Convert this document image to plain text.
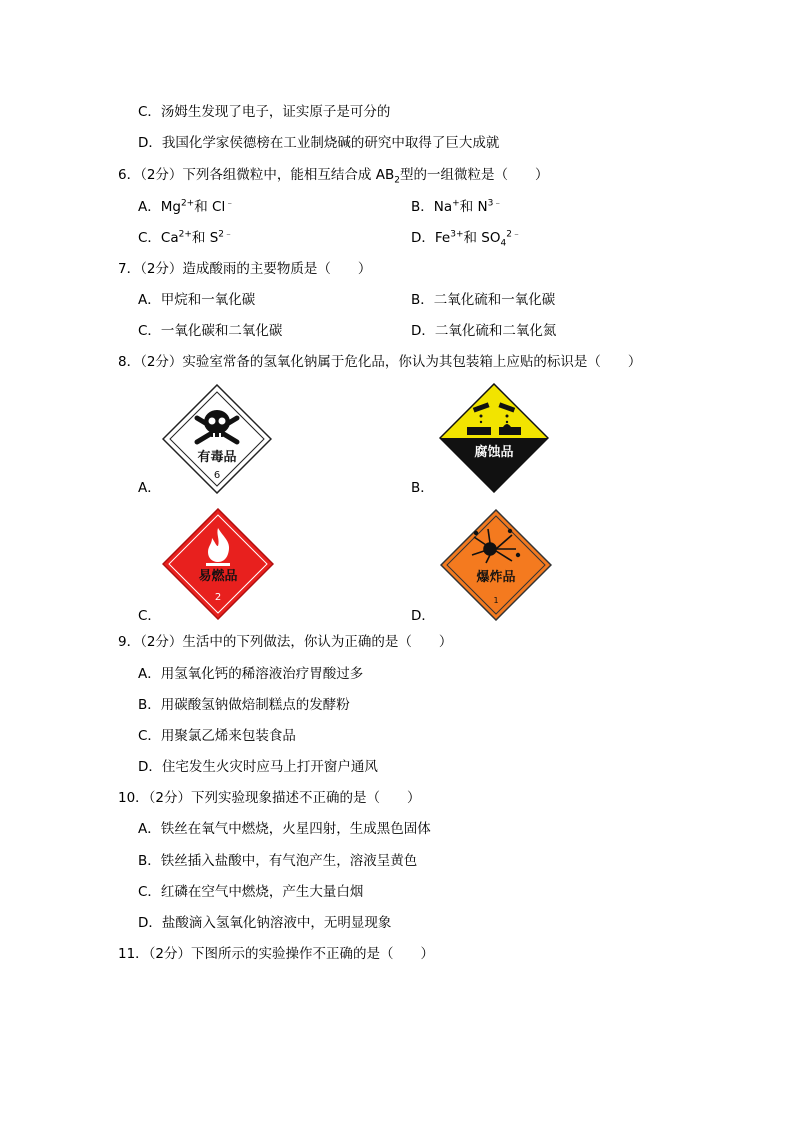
C．汤姆生发现了电子，证实原子是可分的
D．我国化学家侯德榜在工业制烧碱的研究中取得了巨大成就
6．（2分）下列各组微粒中，能相互结合成 $AB_2$型的一组微粒是（　　）
A．$Mg^{2+}$和 Cl﹣	B．Na+和 $N^{3﹣}$
C．$Ca^{2+}$和 $S^{2﹣}$	D．$Fe^{3+}$和 $SO_4^{2﹣}$
7．（2分）造成酸雨的主要物质是（　　）
A．甲烷和一氧化碳	B．二氧化硫和一氧化碳
C．一氧化碳和二氧化碳	D．二氧化硫和二氧化氮
8．（2分）实验室常备的氢氧化钠属于危化品，你认为其包装箱上应贴的标识是（　　）
A．
有毒品
6
B．
腐蚀品
C．
易燃品
2
D．
爆炸品
1
9．（2分）生活中的下列做法，你认为正确的是（　　）
A．用氢氧化钙的稀溶液治疗胃酸过多
B．用碳酸氢钠做焙制糕点的发酵粉
C．用聚氯乙烯来包装食品
D．住宅发生火灾时应马上打开窗户通风
10．（2分）下列实验现象描述不正确的是（　　）
A．铁丝在氧气中燃烧，火星四射，生成黑色固体
B．铁丝插入盐酸中，有气泡产生，溶液呈黄色
C．红磷在空气中燃烧，产生大量白烟
D．盐酸滴入氢氧化钠溶液中，无明显现象
11．（2分）下图所示的实验操作不正确的是（　　）
